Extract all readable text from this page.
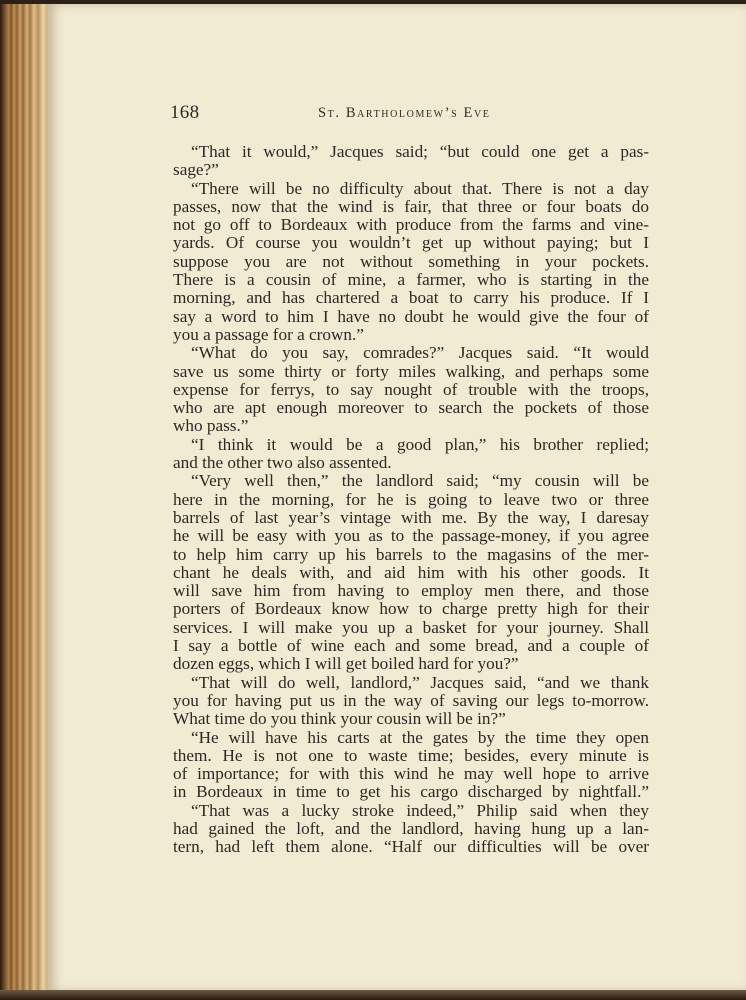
168	St. Bartholomew’s Eve
“That it would,” Jacques said; “but could one get a pas-
sage?”
“There will be no difficulty about that. There is not a day
passes, now that the wind is fair, that three or four boats do
not go off to Bordeaux with produce from the farms and vine-
yards. Of course you wouldn’t get up without paying; but I
suppose you are not without something in your pockets.
There is a cousin of mine, a farmer, who is starting in the
morning, and has chartered a boat to carry his produce. If I
say a word to him I have no doubt he would give the four of
you a passage for a crown.”
“What do you say, comrades?” Jacques said. “It would
save us some thirty or forty miles walking, and perhaps some
expense for ferrys, to say nought of trouble with the troops,
who are apt enough moreover to search the pockets of those
who pass.”
“I think it would be a good plan,” his brother replied;
and the other two also assented.
“Very well then,” the landlord said; “my cousin will be
here in the morning, for he is going to leave two or three
barrels of last year’s vintage with me. By the way, I daresay
he will be easy with you as to the passage-money, if you agree
to help him carry up his barrels to the magasins of the mer-
chant he deals with, and aid him with his other goods. It
will save him from having to employ men there, and those
porters of Bordeaux know how to charge pretty high for their
services. I will make you up a basket for your journey. Shall
I say a bottle of wine each and some bread, and a couple of
dozen eggs, which I will get boiled hard for you?”
“That will do well, landlord,” Jacques said, “and we thank
you for having put us in the way of saving our legs to-morrow.
What time do you think your cousin will be in?”
“He will have his carts at the gates by the time they open
them. He is not one to waste time; besides, every minute is
of importance; for with this wind he may well hope to arrive
in Bordeaux in time to get his cargo discharged by nightfall.”
“That was a lucky stroke indeed,” Philip said when they
had gained the loft, and the landlord, having hung up a lan-
tern, had left them alone. “Half our difficulties will be over
